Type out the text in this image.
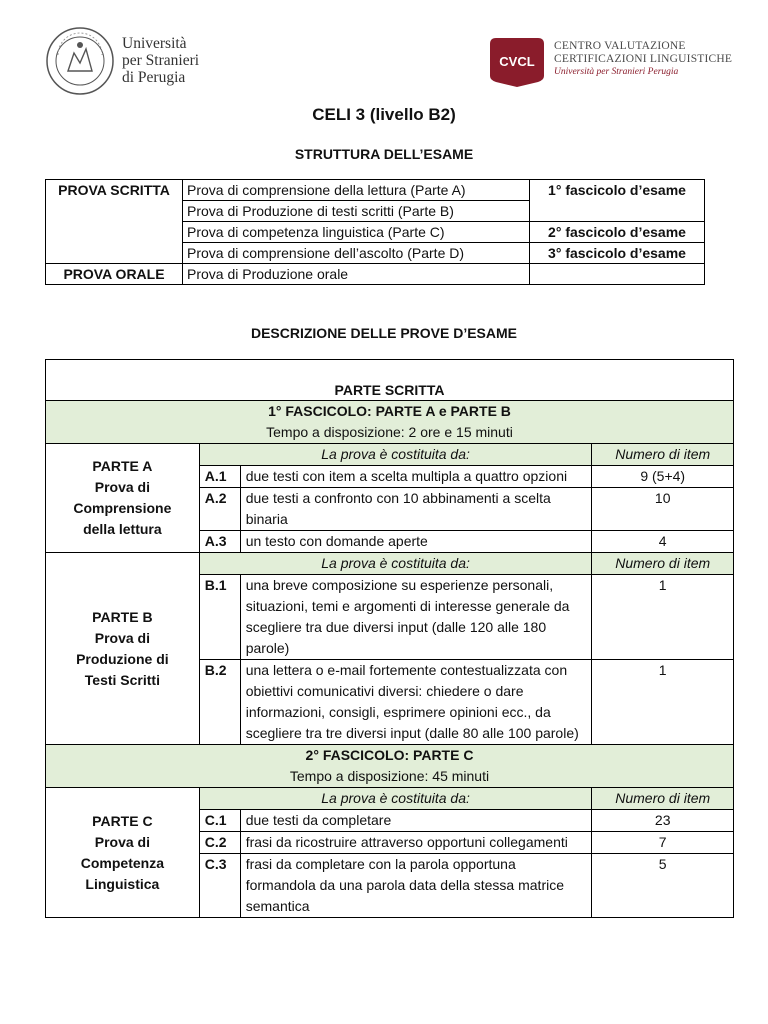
Università
per Stranieri
di Perugia
CVCL
CENTRO VALUTAZIONE
CERTIFICAZIONI LINGUISTICHE
Università per Stranieri Perugia
CELI 3 (livello B2)
STRUTTURA DELL’ESAME
PROVA SCRITTA	Prova di comprensione della lettura (Parte A)	1° fascicolo d’esame
	Prova di Produzione di testi scritti (Parte B)	
	Prova di competenza linguistica (Parte C)	2° fascicolo d’esame
	Prova di comprensione dell’ascolto (Parte D)	3° fascicolo d’esame
PROVA ORALE	Prova di Produzione orale	
DESCRIZIONE DELLE PROVE D’ESAME
PARTE SCRITTA			

1° FASCICOLO: PARTE A e PARTE B
Tempo a disposizione: 2 ore e 15 minuti			

PARTE A
Prova di
Comprensione
della lettura	La prova è costituita da:		Numero di item
	A.1	due testi con item a scelta multipla a quattro opzioni	9 (5+4)
	A.2	due testi a confronto con 10 abbinamenti a scelta binaria	10
	A.3	un testo con domande aperte	4

PARTE B
Prova di
Produzione di
Testi Scritti	La prova è costituita da:		Numero di item
	B.1	una breve composizione su esperienze personali, situazioni, temi e argomenti di interesse generale da scegliere tra due diversi input (dalle 120 alle 180 parole)	1
	B.2	una lettera o e-mail fortemente contestualizzata con obiettivi comunicativi diversi: chiedere o dare informazioni, consigli, esprimere opinioni ecc., da scegliere tra tre diversi input (dalle 80 alle 100 parole)	1

2° FASCICOLO: PARTE C
Tempo a disposizione: 45 minuti			

PARTE C
Prova di
Competenza
Linguistica	La prova è costituita da:		Numero di item
	C.1	due testi da completare	23
	C.2	frasi da ricostruire attraverso opportuni collegamenti	7
	C.3	frasi da completare con la parola opportuna formandola da una parola data della stessa matrice semantica	5
